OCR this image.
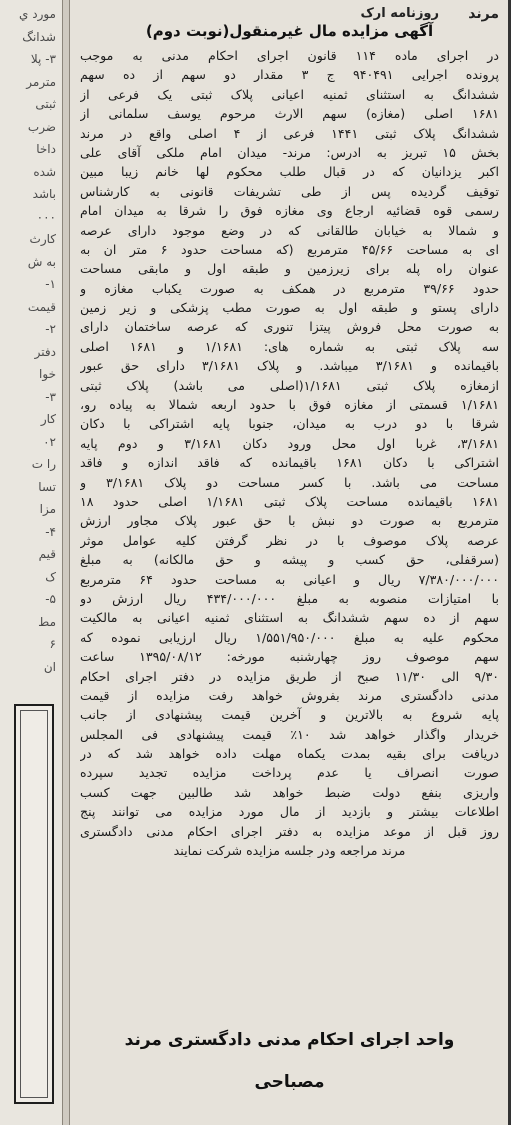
مورد ي
شدانگ
۳- پلا
مترمر
ثبتی
ضرب
داخا
شده
باشد
۰۰۰
کارث
به ش
۱-
قیمت
۲-
دفتر
خوا
۳-
کار
۰۲
را ت
تسا
مزا
۴-
قیم
ک
۵-
مط
۶
ان
مرند
روزنامه ارک
آگهی مزایده مال غیرمنقول(نوبت دوم)
در اجرای ماده ۱۱۴ قانون اجرای احکام مدنی به موجب
پرونده اجرایی ۹۴۰۴۹۱ ج ۳ مقدار دو سهم از ده سهم
ششدانگ به استثنای ثمنیه اعیانی پلاک ثبتی یک فرعی از
۱۶۸۱ اصلی (مغازه) سهم الارث مرحوم یوسف سلمانی از
ششدانگ پلاک ثبتی ۱۴۴۱ فرعی از ۴ اصلی واقع در مرند
بخش ۱۵ تبریز به ادرس: مرند- میدان امام ملکی آقای علی
اکبر یزدانیان که در قبال طلب محکوم لها خانم زیبا مبین
توقیف گردیده پس از طی تشریفات قانونی به کارشناس
رسمی قوه قضائیه ارجاع وی مغازه فوق را شرقا به میدان امام
و شمالا به خیابان طالقانی که در وضع موجود دارای عرصه
ای به مساحت ۴۵/۶۶ مترمربع (که مساحت حدود ۶ متر ان به
عنوان راه پله برای زیرزمین و طبقه اول و مابقی مساحت
حدود ۳۹/۶۶ مترمربع در همکف به صورت یکباب مغازه و
دارای پستو و طبقه اول به صورت مطب پزشکی و زیر زمین
به صورت محل فروش پیتزا تنوری که عرصه ساختمان دارای
سه پلاک ثبتی به شماره های: ۱/۱۶۸۱ و ۱۶۸۱ اصلی
باقیمانده و ۳/۱۶۸۱ میباشد. و پلاک ۳/۱۶۸۱ دارای حق عبور
ازمغازه پلاک ثبتی ۱/۱۶۸۱(اصلی می باشد) پلاک ثبتی
۱/۱۶۸۱ قسمتی از مغازه فوق با حدود اربعه شمالا به پیاده رو،
شرقا با دو درب به میدان، جنوبا پایه اشتراکی با دکان
۳/۱۶۸۱، غربا اول محل ورود دکان ۳/۱۶۸۱ و دوم پایه
اشتراکی با دکان ۱۶۸۱ باقیمانده که فاقد اندازه و فاقد
مساحت می باشد. با کسر مساحت دو پلاک ۳/۱۶۸۱ و
۱۶۸۱ باقیمانده مساحت پلاک ثبتی ۱/۱۶۸۱ اصلی حدود ۱۸
مترمربع به صورت دو نبش با حق عبور پلاک مجاور ارزش
عرصه پلاک موصوف با در نظر گرفتن کلیه عوامل موثر
(سرقفلی، حق کسب و پیشه و حق مالکانه) به مبلغ
۷/۳۸۰/۰۰۰/۰۰۰ ریال و اعیانی به مساحت حدود ۶۴ مترمربع
با امتیازات منصوبه به مبلغ ۴۳۴/۰۰۰/۰۰۰ ریال ارزش دو
سهم از ده سهم ششدانگ به استثنای ثمنیه اعیانی به مالکیت
محکوم علیه به مبلغ ۱/۵۵۱/۹۵۰/۰۰۰ ریال ارزیابی نموده که
سهم موصوف روز چهارشنبه مورخه: ۱۳۹۵/۰۸/۱۲ ساعت
۹/۳۰ الی ۱۱/۳۰ صبح از طریق مزایده در دفتر اجرای احکام
مدنی دادگستری مرند بفروش خواهد رفت مزایده از قیمت
پایه شروع به بالاترین و آخرین قیمت پیشنهادی از جانب
خریدار واگذار خواهد شد ۱۰٪ قیمت پیشنهادی فی المجلس
دریافت برای بقیه بمدت یکماه مهلت داده خواهد شد که در
صورت انصراف یا عدم پرداخت مزایده تجدید سپرده
واریزی بنفع دولت ضبط خواهد شد طالبین جهت کسب
اطلاعات بیشتر و بازدید از مال مورد مزایده می توانند پنج
روز قبل از موعد مزایده به دفتر اجرای احکام مدنی دادگستری
مرند مراجعه ودر جلسه مزایده شرکت نمایند
واحد اجرای احکام مدنی دادگستری مرند
مصباحی
